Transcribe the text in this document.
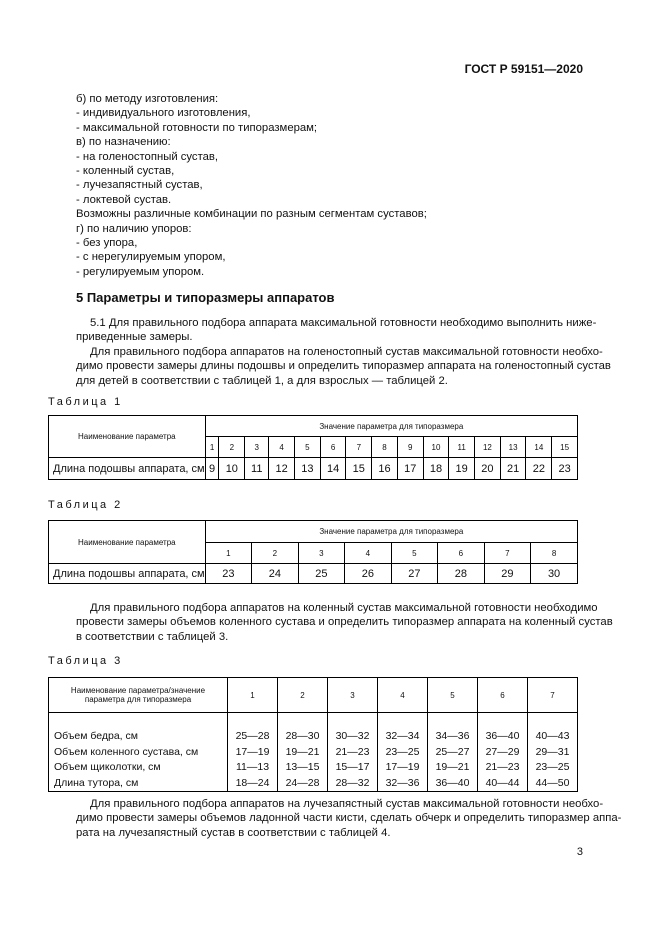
ГОСТ Р 59151—2020
б) по методу изготовления:
- индивидуального изготовления,
- максимальной готовности по типоразмерам;
в) по назначению:
- на голеностопный сустав,
- коленный сустав,
- лучезапястный сустав,
- локтевой сустав.
Возможны различные комбинации по разным сегментам суставов;
г) по наличию упоров:
- без упора,
- с нерегулируемым упором,
- регулируемым упором.
5 Параметры и типоразмеры аппаратов
5.1 Для правильного подбора аппарата максимальной готовности необходимо выполнить ниже-
приведенные замеры.
Для правильного подбора аппаратов на голеностопный сустав максимальной готовности необхо-
димо провести замеры длины подошвы и определить типоразмер аппарата на голеностопный сустав
для детей в соответствии с таблицей 1, а для взрослых — таблицей 2.
Таблица 1
Наименование параметра	Значение параметра для типоразмера														
	1	2	3	4	5	6	7	8	9	10	11	12	13	14	15
Длина подошвы аппарата, см	9	10	11	12	13	14	15	16	17	18	19	20	21	22	23
Таблица 2
Наименование параметра	Значение параметра для типоразмера							
	1	2	3	4	5	6	7	8
Длина подошвы аппарата, см	23	24	25	26	27	28	29	30
Для правильного подбора аппаратов на коленный сустав максимальной готовности необходимо
провести замеры объемов коленного сустава и определить типоразмер аппарата на коленный сустав
в соответствии с таблицей 3.
Таблица 3
Наименование параметра/значение
параметра для типоразмера	1	2	3	4	5	6	7

Объем бедра, см	25—28	28—30	30—32	32—34	34—36	36—40	40—43
Объем коленного сустава, см	17—19	19—21	21—23	23—25	25—27	27—29	29—31
Объем щиколотки, см	11—13	13—15	15—17	17—19	19—21	21—23	23—25
Длина тутора, см	18—24	24—28	28—32	32—36	36—40	40—44	44—50
Для правильного подбора аппаратов на лучезапястный сустав максимальной готовности необхо-
димо провести замеры объемов ладонной части кисти, сделать обчерк и определить типоразмер аппа-
рата на лучезапястный сустав в соответствии с таблицей 4.
3
